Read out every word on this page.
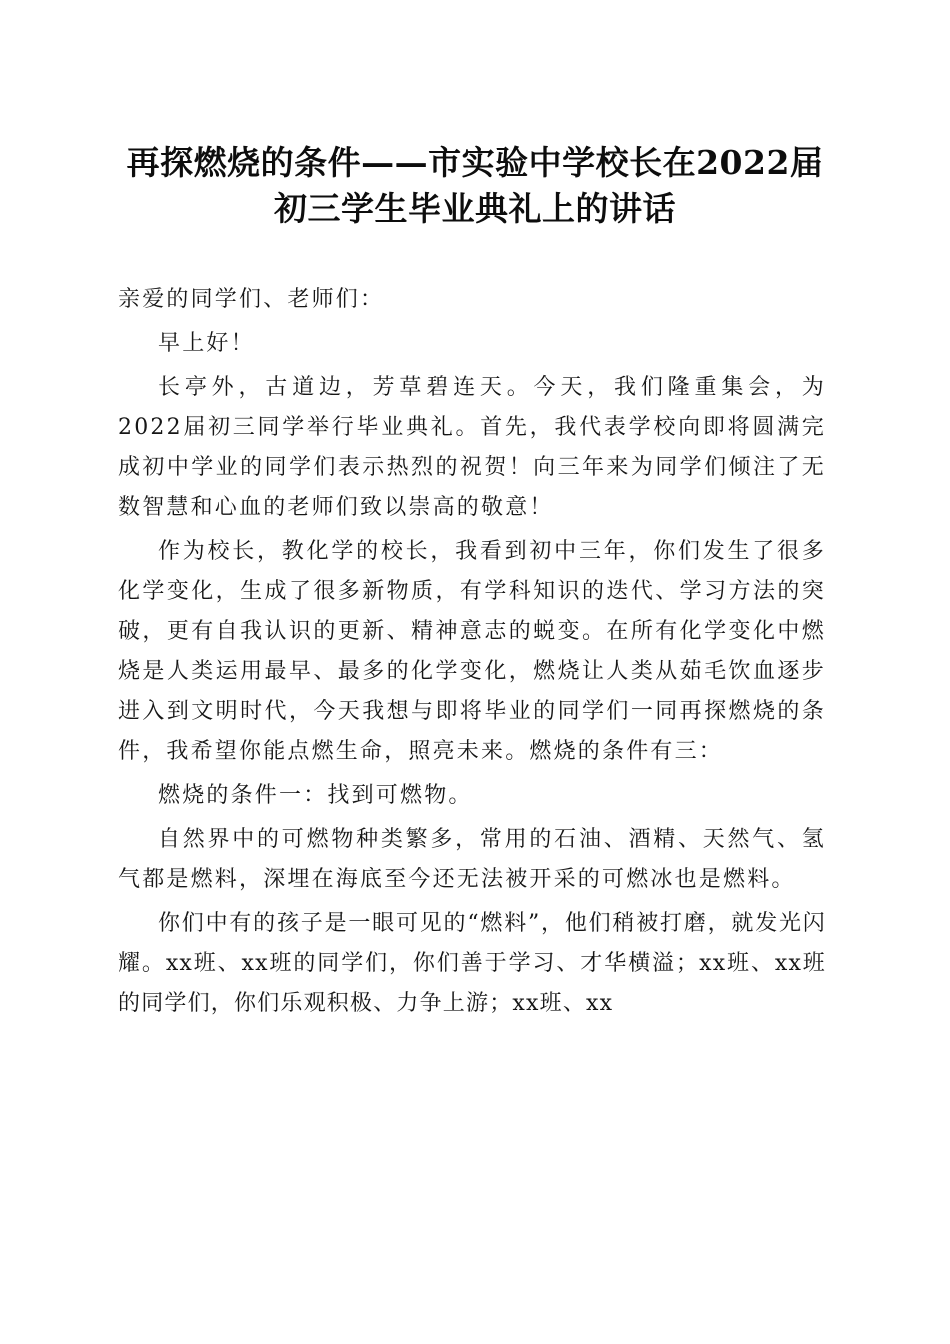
再探燃烧的条件——市实验中学校长在2022届初三学生毕业典礼上的讲话

亲爱的同学们、老师们：

早上好！

长亭外，古道边，芳草碧连天。今天，我们隆重集会，为2022届初三同学举行毕业典礼。首先，我代表学校向即将圆满完成初中学业的同学们表示热烈的祝贺！向三年来为同学们倾注了无数智慧和心血的老师们致以崇高的敬意！

作为校长，教化学的校长，我看到初中三年，你们发生了很多化学变化，生成了很多新物质，有学科知识的迭代、学习方法的突破，更有自我认识的更新、精神意志的蜕变。在所有化学变化中燃烧是人类运用最早、最多的化学变化，燃烧让人类从茹毛饮血逐步进入到文明时代，今天我想与即将毕业的同学们一同再探燃烧的条件，我希望你能点燃生命，照亮未来。燃烧的条件有三：

燃烧的条件一：找到可燃物。

自然界中的可燃物种类繁多，常用的石油、酒精、天然气、氢气都是燃料，深埋在海底至今还无法被开采的可燃冰也是燃料。

你们中有的孩子是一眼可见的“燃料”，他们稍被打磨，就发光闪耀。xx班、xx班的同学们，你们善于学习、才华横溢；xx班、xx班的同学们，你们乐观积极、力争上游；xx班、xx
